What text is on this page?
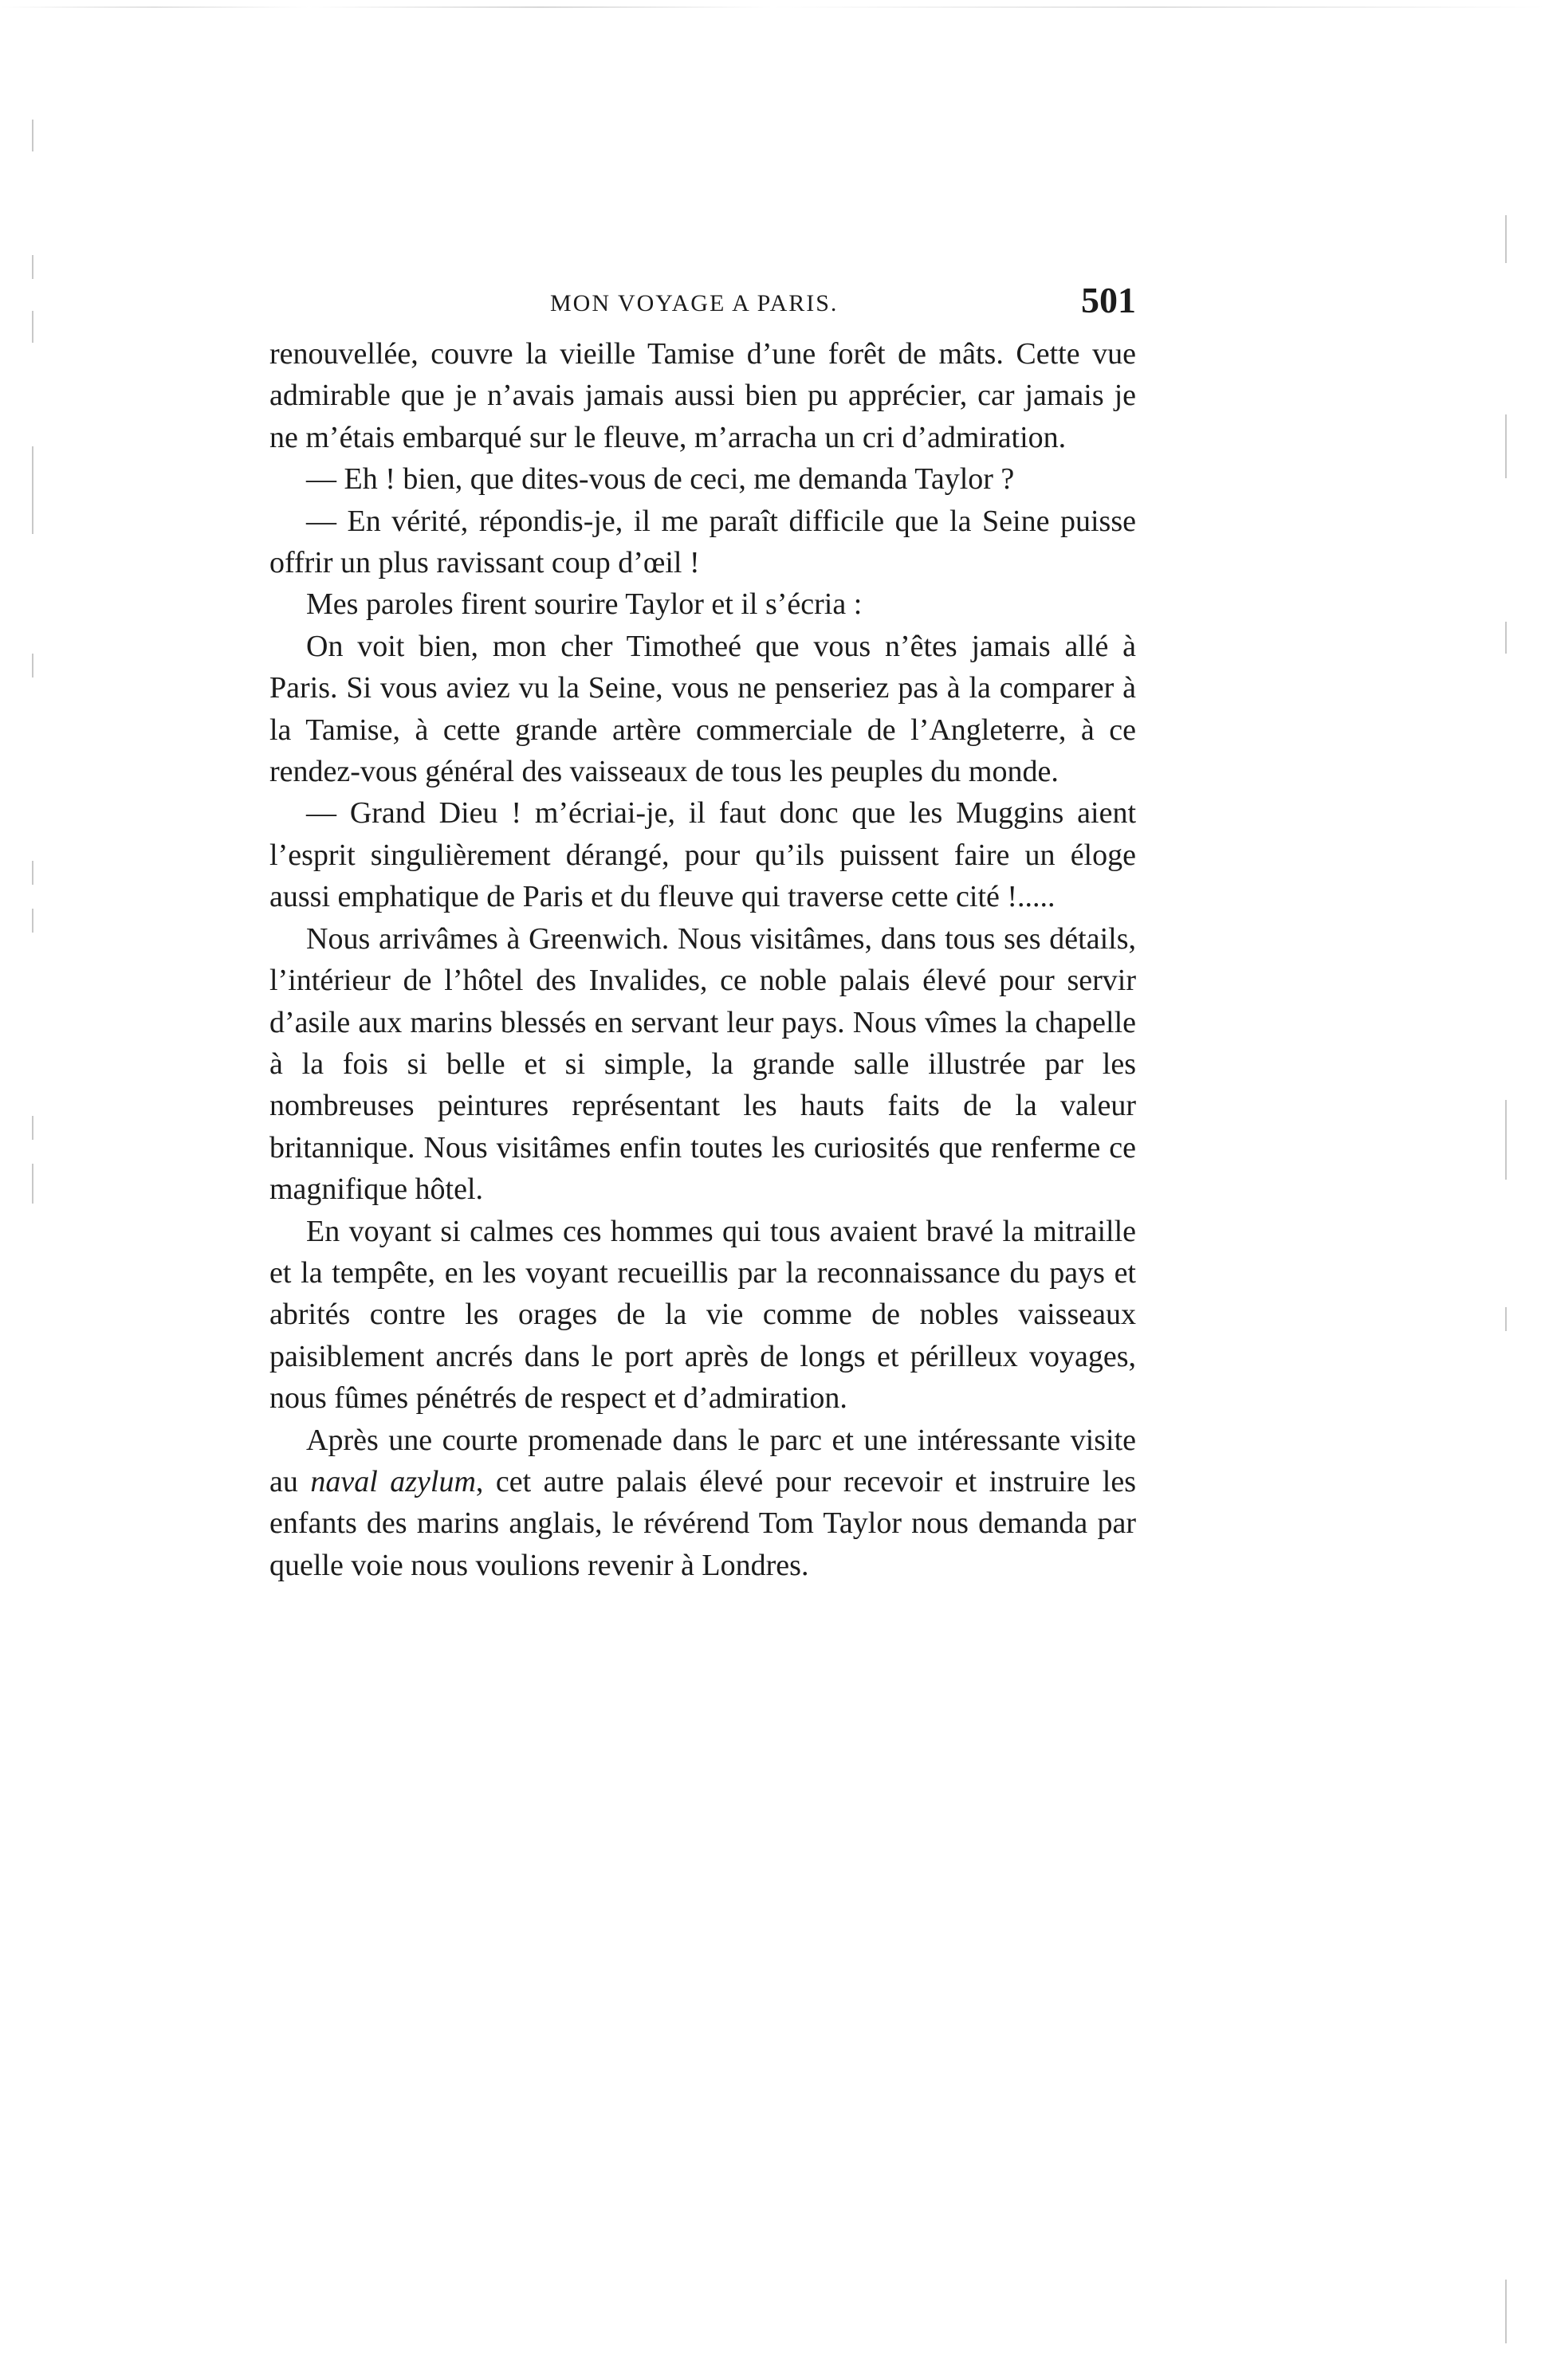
MON VOYAGE A PARIS.	501

renouvellée, couvre la vieille Tamise d’une forêt de mâts. Cette vue admirable que je n’avais jamais aussi bien pu apprécier, car jamais je ne m’étais embarqué sur le fleuve, m’arracha un cri d’admiration.

— Eh ! bien, que dites-vous de ceci, me demanda Taylor ?

— En vérité, répondis-je, il me paraît difficile que la Seine puisse offrir un plus ravissant coup d’œil !

Mes paroles firent sourire Taylor et il s’écria :

On voit bien, mon cher Timotheé que vous n’êtes jamais allé à Paris. Si vous aviez vu la Seine, vous ne penseriez pas à la comparer à la Tamise, à cette grande artère commerciale de l’Angleterre, à ce rendez-vous général des vaisseaux de tous les peuples du monde.

— Grand Dieu ! m’écriai-je, il faut donc que les Muggins aient l’esprit singulièrement dérangé, pour qu’ils puissent faire un éloge aussi emphatique de Paris et du fleuve qui traverse cette cité !.....

Nous arrivâmes à Greenwich. Nous visitâmes, dans tous ses détails, l’intérieur de l’hôtel des Invalides, ce noble palais élevé pour servir d’asile aux marins blessés en servant leur pays. Nous vîmes la chapelle à la fois si belle et si simple, la grande salle illustrée par les nombreuses peintures représentant les hauts faits de la valeur britannique. Nous visitâmes enfin toutes les curiosités que renferme ce magnifique hôtel.

En voyant si calmes ces hommes qui tous avaient bravé la mitraille et la tempête, en les voyant recueillis par la reconnaissance du pays et abrités contre les orages de la vie comme de nobles vaisseaux paisiblement ancrés dans le port après de longs et périlleux voyages, nous fûmes pénétrés de respect et d’admiration.

Après une courte promenade dans le parc et une intéressante visite au naval azylum, cet autre palais élevé pour recevoir et instruire les enfants des marins anglais, le révérend Tom Taylor nous demanda par quelle voie nous voulions revenir à Londres.
